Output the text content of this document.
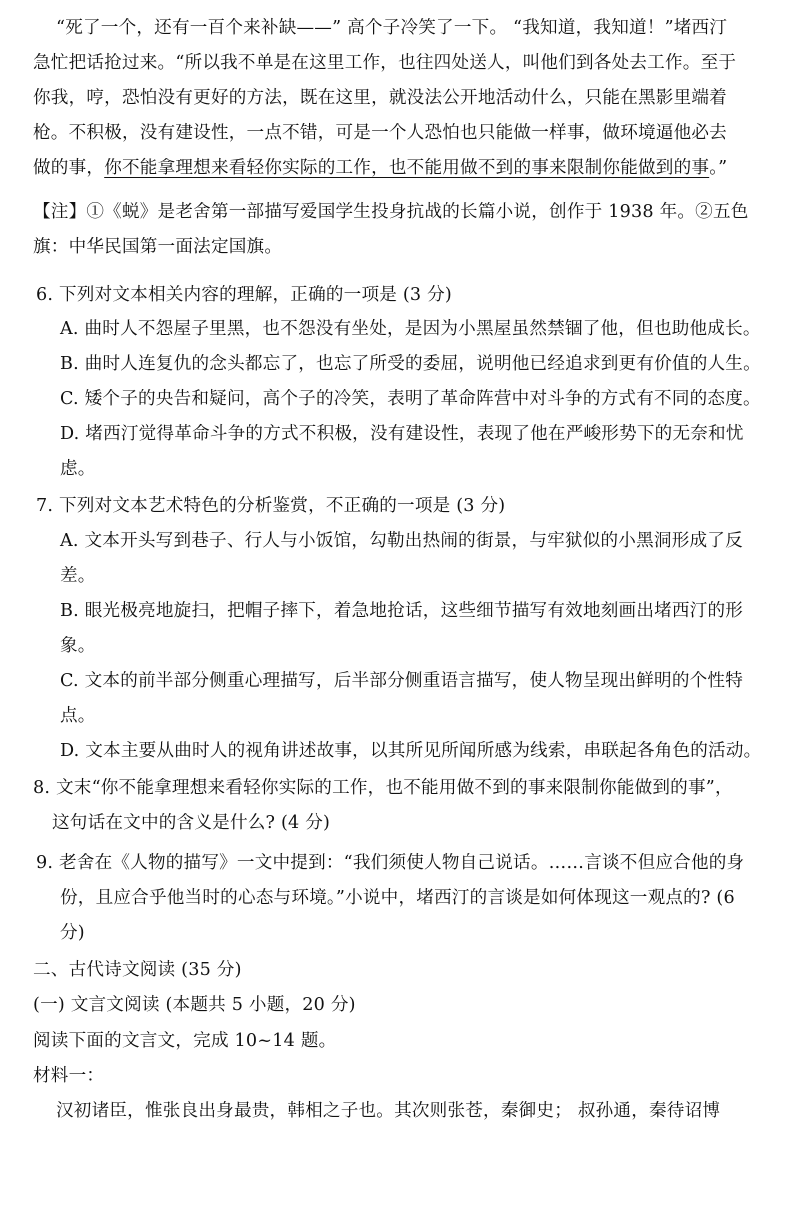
“死了一个，还有一百个来补缺——” 高个子冷笑了一下。 “我知道，我知道！”堵西汀
急忙把话抢过来。“所以我不单是在这里工作，也往四处送人，叫他们到各处去工作。至于
你我，哼，恐怕没有更好的方法，既在这里，就没法公开地活动什么，只能在黑影里端着
枪。不积极，没有建设性，一点不错，可是一个人恐怕也只能做一样事，做环境逼他必去
做的事，你不能拿理想来看轻你实际的工作，也不能用做不到的事来限制你能做到的事。”
【注】①《蜕》是老舍第一部描写爱国学生投身抗战的长篇小说，创作于 1938 年。②五色
旗：中华民国第一面法定国旗。
6. 下列对文本相关内容的理解，正确的一项是 (3 分)
A. 曲时人不怨屋子里黑，也不怨没有坐处，是因为小黑屋虽然禁锢了他，但也助他成长。
B. 曲时人连复仇的念头都忘了，也忘了所受的委屈，说明他已经追求到更有价值的人生。
C. 矮个子的央告和疑问，高个子的冷笑，表明了革命阵营中对斗争的方式有不同的态度。
D. 堵西汀觉得革命斗争的方式不积极，没有建设性，表现了他在严峻形势下的无奈和忧
虑。
7. 下列对文本艺术特色的分析鉴赏，不正确的一项是 (3 分)
A. 文本开头写到巷子、行人与小饭馆，勾勒出热闹的街景，与牢狱似的小黑洞形成了反
差。
B. 眼光极亮地旋扫，把帽子摔下，着急地抢话，这些细节描写有效地刻画出堵西汀的形
象。
C. 文本的前半部分侧重心理描写，后半部分侧重语言描写，使人物呈现出鲜明的个性特
点。
D. 文本主要从曲时人的视角讲述故事，以其所见所闻所感为线索，串联起各角色的活动。
8. 文末“你不能拿理想来看轻你实际的工作，也不能用做不到的事来限制你能做到的事”，
这句话在文中的含义是什么? (4 分)
9. 老舍在《人物的描写》一文中提到：“我们须使人物自己说话。……言谈不但应合他的身
份，且应合乎他当时的心态与环境。”小说中，堵西汀的言谈是如何体现这一观点的? (6
分)
二、古代诗文阅读 (35 分)
(一) 文言文阅读 (本题共 5 小题，20 分)
阅读下面的文言文，完成 10~14 题。
材料一：
汉初诸臣，惟张良出身最贵，韩相之子也。其次则张苍，秦御史； 叔孙通，秦待诏博
